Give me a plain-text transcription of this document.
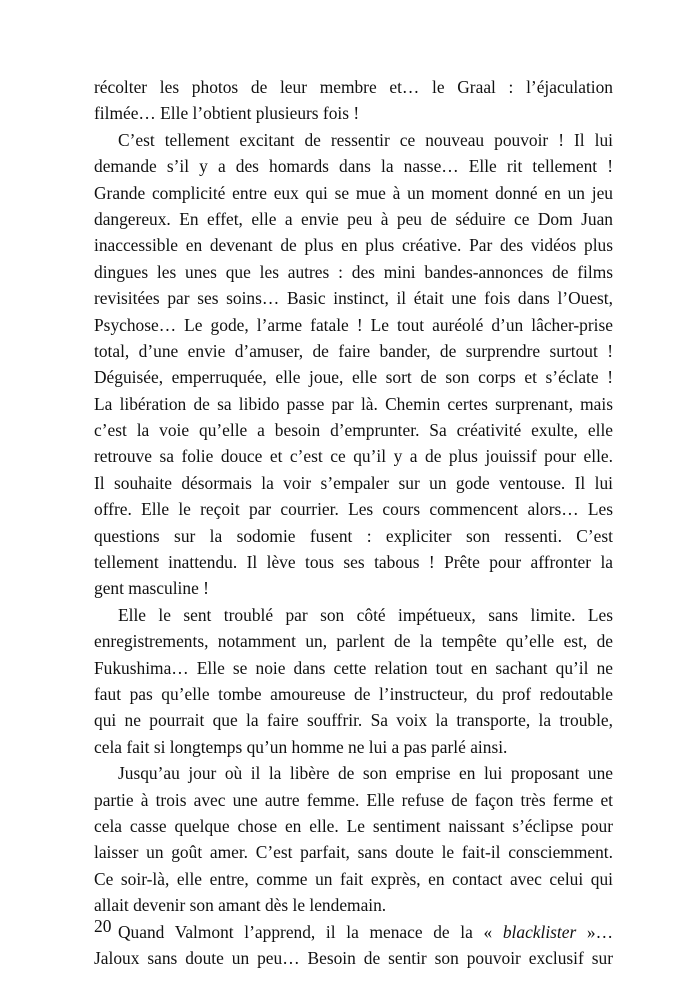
récolter les photos de leur membre et… le Graal : l’éjaculation
filmée… Elle l’obtient plusieurs fois !

C’est tellement excitant de ressentir ce nouveau pouvoir ! Il lui
demande s’il y a des homards dans la nasse… Elle rit tellement !
Grande complicité entre eux qui se mue à un moment donné en un jeu
dangereux. En effet, elle a envie peu à peu de séduire ce Dom Juan
inaccessible en devenant de plus en plus créative. Par des vidéos plus
dingues les unes que les autres : des mini bandes-annonces de films
revisitées par ses soins… Basic instinct, il était une fois dans l’Ouest,
Psychose… Le gode, l’arme fatale ! Le tout auréolé d’un lâcher-prise
total, d’une envie d’amuser, de faire bander, de surprendre surtout !
Déguisée, emperruquée, elle joue, elle sort de son corps et s’éclate !
La libération de sa libido passe par là. Chemin certes surprenant, mais
c’est la voie qu’elle a besoin d’emprunter. Sa créativité exulte, elle
retrouve sa folie douce et c’est ce qu’il y a de plus jouissif pour elle.
Il souhaite désormais la voir s’empaler sur un gode ventouse. Il lui
offre. Elle le reçoit par courrier. Les cours commencent alors… Les
questions sur la sodomie fusent : expliciter son ressenti. C’est
tellement inattendu. Il lève tous ses tabous ! Prête pour affronter la
gent masculine !

Elle le sent troublé par son côté impétueux, sans limite. Les
enregistrements, notamment un, parlent de la tempête qu’elle est, de
Fukushima… Elle se noie dans cette relation tout en sachant qu’il ne
faut pas qu’elle tombe amoureuse de l’instructeur, du prof redoutable
qui ne pourrait que la faire souffrir. Sa voix la transporte, la trouble,
cela fait si longtemps qu’un homme ne lui a pas parlé ainsi.

Jusqu’au jour où il la libère de son emprise en lui proposant une
partie à trois avec une autre femme. Elle refuse de façon très ferme et
cela casse quelque chose en elle. Le sentiment naissant s’éclipse pour
laisser un goût amer. C’est parfait, sans doute le fait-il consciemment.
Ce soir-là, elle entre, comme un fait exprès, en contact avec celui qui
allait devenir son amant dès le lendemain.

Quand Valmont l’apprend, il la menace de la « blacklister »…
Jaloux sans doute un peu… Besoin de sentir son pouvoir exclusif sur

20
